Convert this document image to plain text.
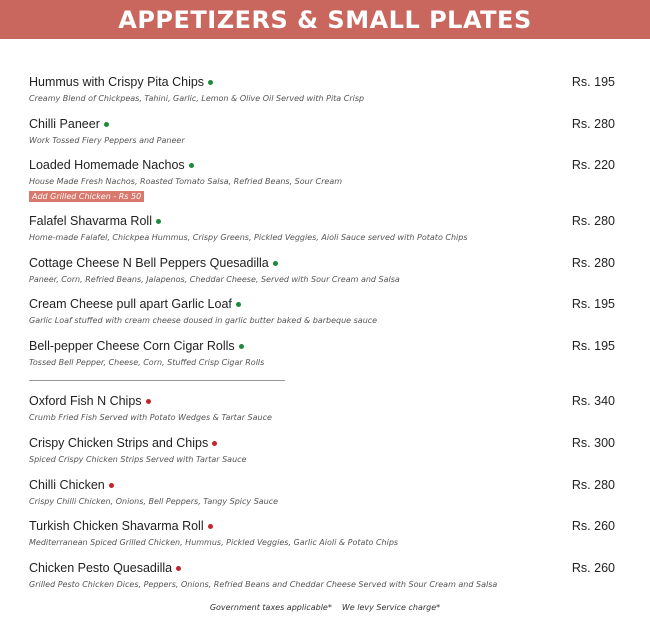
APPETIZERS & SMALL PLATES
Hummus with Crispy Pita Chips
Creamy Blend of Chickpeas, Tahini, Garlic, Lemon & Olive Oil Served with Pita Crisp
Rs. 195
Chilli Paneer
Work Tossed Fiery Peppers and Paneer
Rs. 280
Loaded Homemade Nachos
House Made Fresh Nachos, Roasted Tomato Salsa, Refried Beans, Sour Cream
Add Grilled Chicken - Rs 50
Rs. 220
Falafel Shavarma Roll
Home-made Falafel, Chickpea Hummus, Crispy Greens, Pickled Veggies, Aioli Sauce served with Potato Chips
Rs. 280
Cottage Cheese N Bell Peppers Quesadilla
Paneer, Corn, Refried Beans, Jalapenos, Cheddar Cheese, Served with Sour Cream and Salsa
Rs. 280
Cream Cheese pull apart Garlic Loaf
Garlic Loaf stuffed with cream cheese doused in garlic butter baked & barbeque sauce
Rs. 195
Bell-pepper Cheese Corn Cigar Rolls
Tossed Bell Pepper, Cheese, Corn, Stuffed Crisp Cigar Rolls
Rs. 195
Oxford Fish N Chips
Crumb Fried Fish Served with Potato Wedges & Tartar Sauce
Rs. 340
Crispy Chicken Strips and Chips
Spiced Crispy Chicken Strips Served with Tartar Sauce
Rs. 300
Chilli Chicken
Crispy Chilli Chicken, Onions, Bell Peppers, Tangy Spicy Sauce
Rs. 280
Turkish Chicken Shavarma Roll
Mediterranean Spiced Grilled Chicken, Hummus, Pickled Veggies, Garlic Aioli & Potato Chips
Rs. 260
Chicken Pesto Quesadilla
Grilled Pesto Chicken Dices, Peppers, Onions, Refried Beans and Cheddar Cheese Served with Sour Cream and Salsa
Rs. 260
Government taxes applicable* We levy Service charge*
